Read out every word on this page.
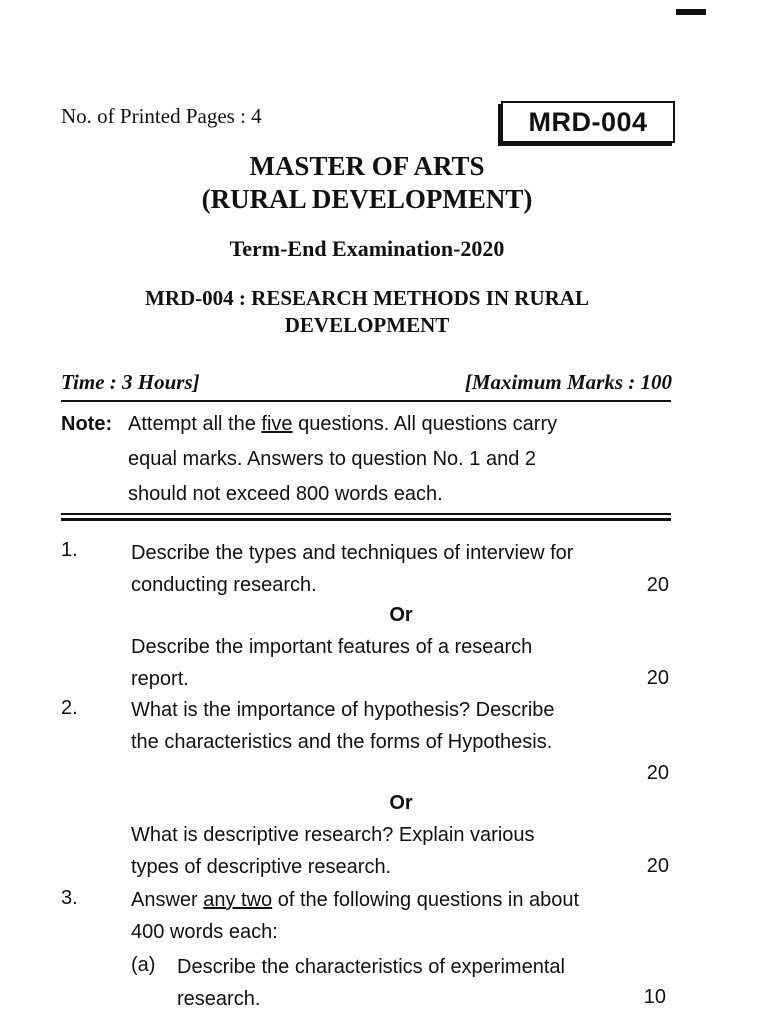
No. of Printed Pages : 4	MRD-004
MASTER OF ARTS
(RURAL DEVELOPMENT)
Term-End Examination-2020
MRD-004 : RESEARCH METHODS IN RURAL
DEVELOPMENT
Time : 3 Hours]	[Maximum Marks : 100
Note: Attempt all the five questions. All questions carry
equal marks. Answers to question No. 1 and 2
should not exceed 800 words each.
1.	Describe the types and techniques of interview for
conducting research.	20
Or
Describe the important features of a research
report.	20
2.	What is the importance of hypothesis? Describe
the characteristics and the forms of Hypothesis.
20
Or
What is descriptive research? Explain various
types of descriptive research.	20
3.	Answer any two of the following questions in about
400 words each:
(a) Describe the characteristics of experimental
research.	10
